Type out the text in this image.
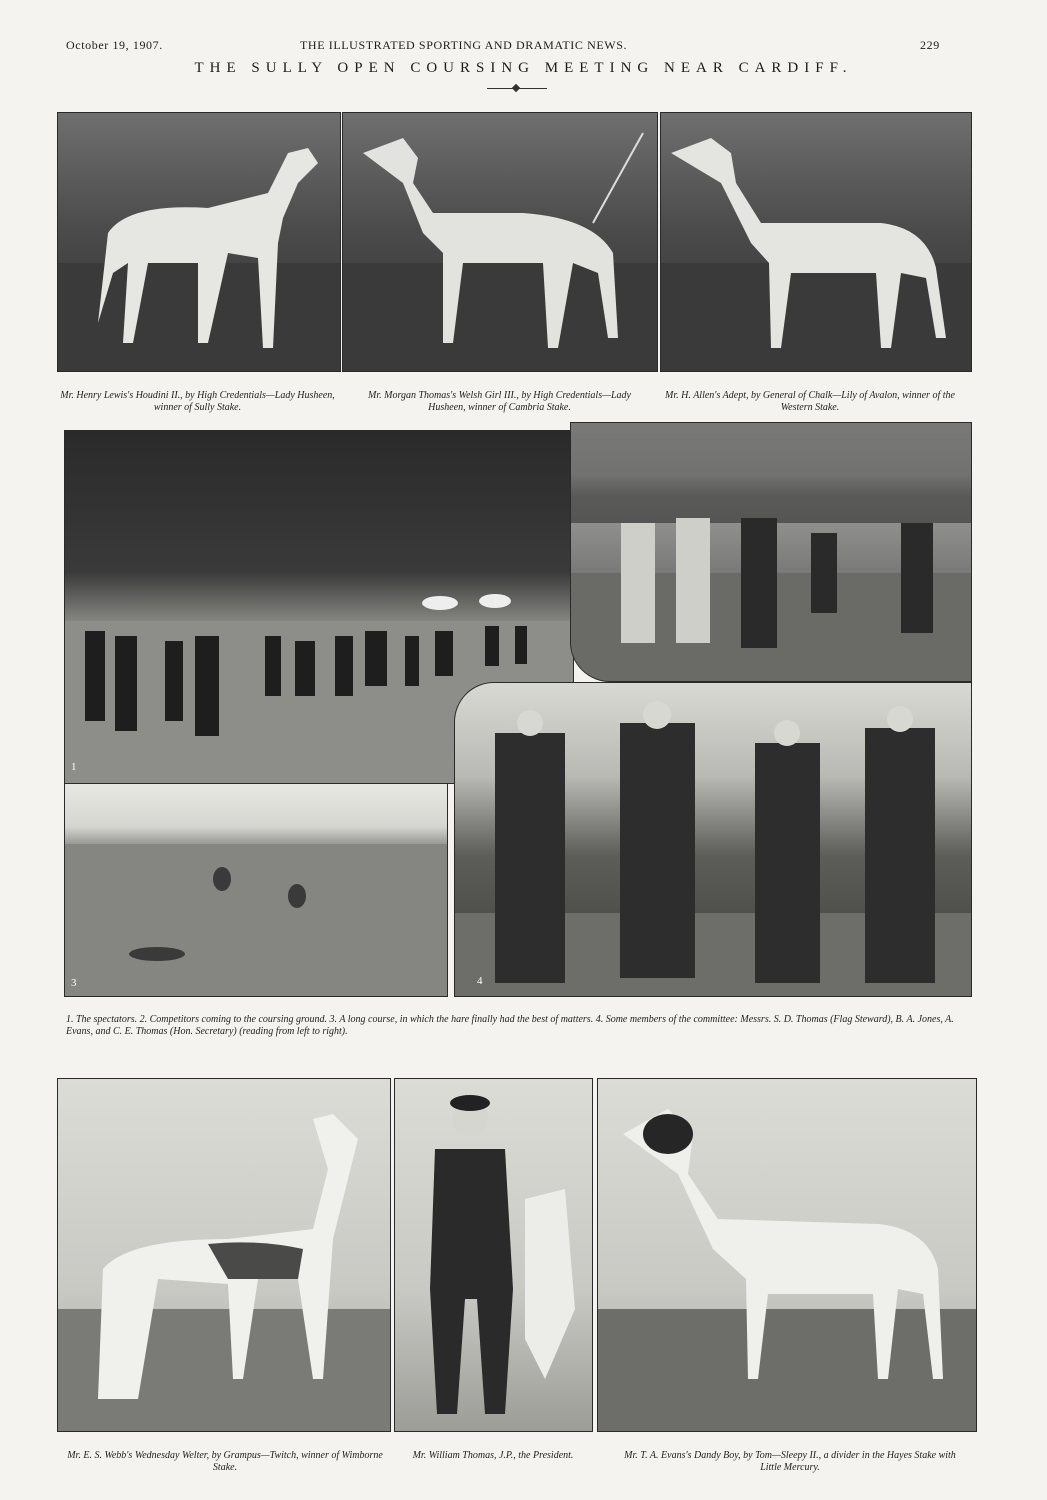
October 19, 1907.	THE ILLUSTRATED SPORTING AND DRAMATIC NEWS.	229
THE SULLY OPEN COURSING MEETING NEAR CARDIFF.
Mr. Henry Lewis's Houdini II., by High Credentials—Lady Husheen, winner of Sully Stake.
Mr. Morgan Thomas's Welsh Girl III., by High Credentials—Lady Husheen, winner of Cambria Stake.
Mr. H. Allen's Adept, by General of Chalk—Lily of Avalon, winner of the Western Stake.
1
3	4
1. The spectators. 2. Competitors coming to the coursing ground. 3. A long course, in which the hare finally had the best of matters. 4. Some members of the committee: Messrs. S. D. Thomas (Flag Steward), B. A. Jones, A. Evans, and C. E. Thomas (Hon. Secretary) (reading from left to right).
Mr. E. S. Webb's Wednesday Welter, by Grampus—Twitch, winner of Wimborne Stake.
Mr. William Thomas, J.P., the President.	Mr. T. A. Evans's Dandy Boy, by Tom—Sleepy II., a divider in the Hayes Stake with Little Mercury.
